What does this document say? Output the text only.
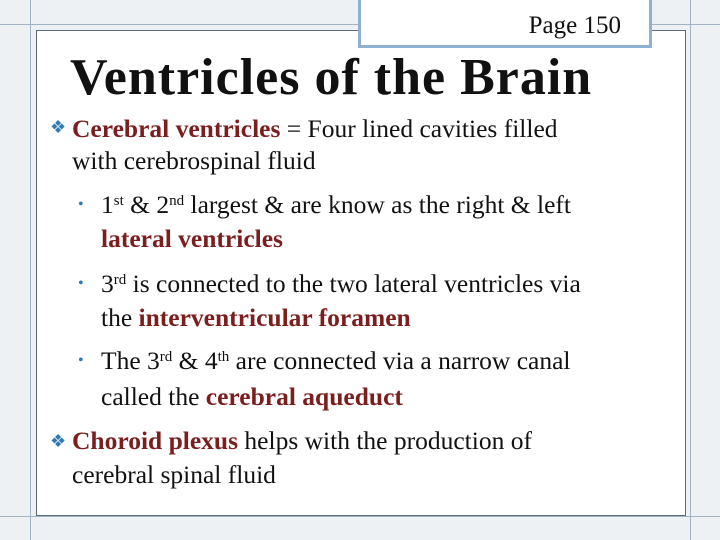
Page 150
Ventricles of the Brain
❖ Cerebral ventricles = Four lined cavities filled
with cerebrospinal fluid
• 1st & 2nd largest & are know as the right & left
lateral ventricles
• 3rd is connected to the two lateral ventricles via
the interventricular foramen
• The 3rd & 4th are connected via a narrow canal
called the cerebral aqueduct
❖ Choroid plexus helps with the production of
cerebral spinal fluid
